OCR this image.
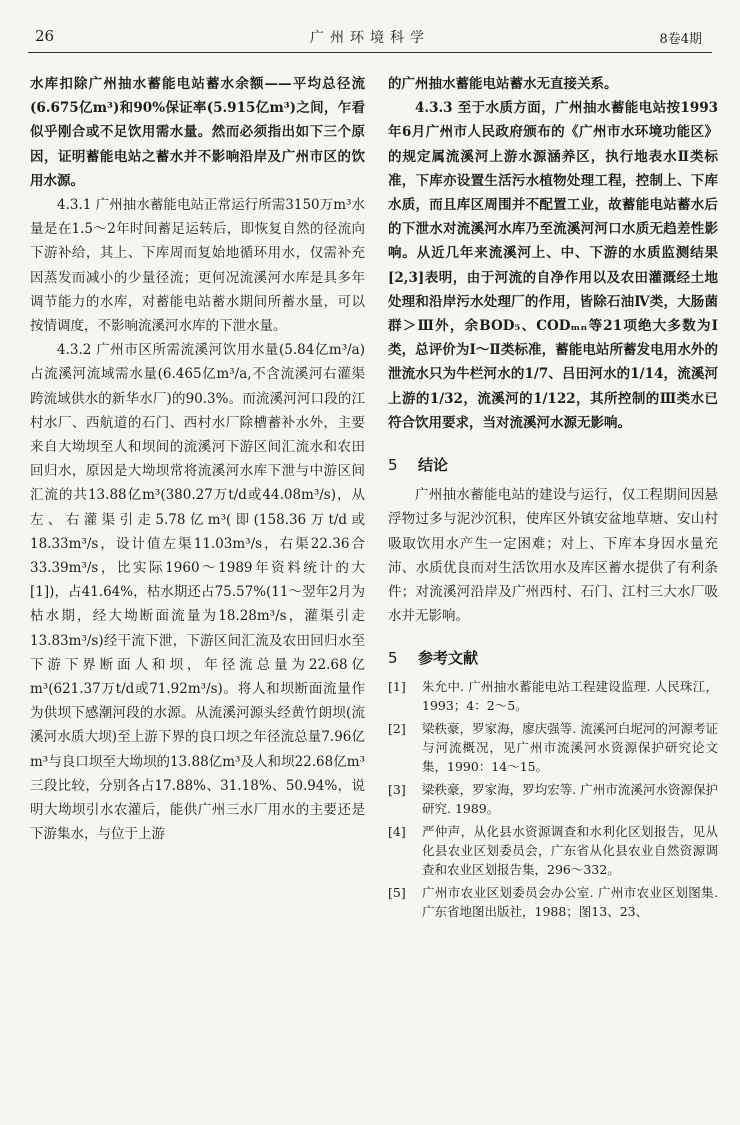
26	广州环境科学	8卷4期

水库扣除广州抽水蓄能电站蓄水余额——平均总径流(6.675亿m³)和90%保证率(5.915亿m³)之间，乍看似乎刚合或不足饮用需水量。然而必须指出如下三个原因，证明蓄能电站之蓄水并不影响沿岸及广州市区的饮用水源。

4.3.1 广州抽水蓄能电站正常运行所需3150万m³水量是在1.5～2年时间蓄足运转后，即恢复自然的径流向下游补给，其上、下库周而复始地循环用水，仅需补充因蒸发而减小的少量径流；更何况流溪河水库是具多年调节能力的水库，对蓄能电站蓄水期间所蓄水量，可以按情调度，不影响流溪河水库的下泄水量。

4.3.2 广州市区所需流溪河饮用水量(5.84亿m³/a)占流溪河流域需水量(6.465亿m³/a,不含流溪河右灌渠跨流域供水的新华水厂)的90.3%。而流溪河河口段的江村水厂、西航道的石门、西村水厂除槽蓄补水外，主要来自大坳坝至人和坝间的流溪河下游区间汇流水和农田回归水，原因是大坳坝常将流溪河水库下泄与中游区间汇流的共13.88亿m³(380.27万t/d或44.08m³/s)，从左、右灌渠引走5.78亿m³(即(158.36万t/d或18.33m³/s，设计值左渠11.03m³/s，右渠22.36合33.39m³/s，比实际1960～1989年资料统计的大[1])，占41.64%，枯水期还占75.57%(11～翌年2月为枯水期，经大坳断面流量为18.28m³/s，灌渠引走13.83m³/s)经干流下泄，下游区间汇流及农田回归水至下游下界断面人和坝，年径流总量为22.68亿m³(621.37万t/d或71.92m³/s)。将人和坝断面流量作为供坝下感潮河段的水源。从流溪河源头经黄竹朗坝(流溪河水质大坝)至上游下界的良口坝之年径流总量7.96亿m³与良口坝至大坳坝的13.88亿m³及人和坝22.68亿m³三段比较，分别各占17.88%、31.18%、50.94%，说明大坳坝引水农灌后，能供广州三水厂用水的主要还是下游集水，与位于上游

的广州抽水蓄能电站蓄水无直接关系。

4.3.3 至于水质方面，广州抽水蓄能电站按1993年6月广州市人民政府颁布的《广州市水环境功能区》的规定属流溪河上游水源涵养区，执行地表水Ⅱ类标准，下库亦设置生活污水植物处理工程，控制上、下库水质，而且库区周围并不配置工业，故蓄能电站蓄水后的下泄水对流溪河水库乃至流溪河河口水质无趋差性影响。从近几年来流溪河上、中、下游的水质监测结果[2,3]表明，由于河流的自净作用以及农田灌溉经土地处理和沿岸污水处理厂的作用，皆除石油Ⅳ类，大肠菌群＞Ⅲ外，余BOD₅、CODₘₙ等21项绝大多数为Ⅰ类，总评价为Ⅰ～Ⅱ类标准，蓄能电站所蓄发电用水外的泄流水只为牛栏河水的1/7、吕田河水的1/14，流溪河上游的1/32，流溪河的1/122，其所控制的Ⅲ类水已符合饮用要求，当对流溪河水源无影响。

5 结论

广州抽水蓄能电站的建设与运行，仅工程期间因悬浮物过多与泥沙沉积，使库区外镇安盆地草塘、安山村吸取饮用水产生一定困难；对上、下库本身因水量充沛、水质优良而对生活饮用水及库区蓄水提供了有利条件；对流溪河沿岸及广州西村、石门、江村三大水厂吸水并无影响。

5 参考文献
[1]	朱允中. 广州抽水蓄能电站工程建设监理. 人民珠江，1993；4：2～5。
[2]	梁秩豪，罗家海，廖庆强等. 流溪河白坭河的河源考证与河流概况，见广州市流溪河水资源保护研究论文集，1990：14～15。
[3]	梁秩豪，罗家海，罗均宏等. 广州市流溪河水资源保护研究. 1989。
[4]	严仲声，从化县水资源调查和水利化区划报告，见从化县农业区划委员会，广东省从化县农业自然资源调查和农业区划报告集，296～332。
[5]	广州市农业区划委员会办公室. 广州市农业区划图集. 广东省地图出版社，1988；图13、23、
